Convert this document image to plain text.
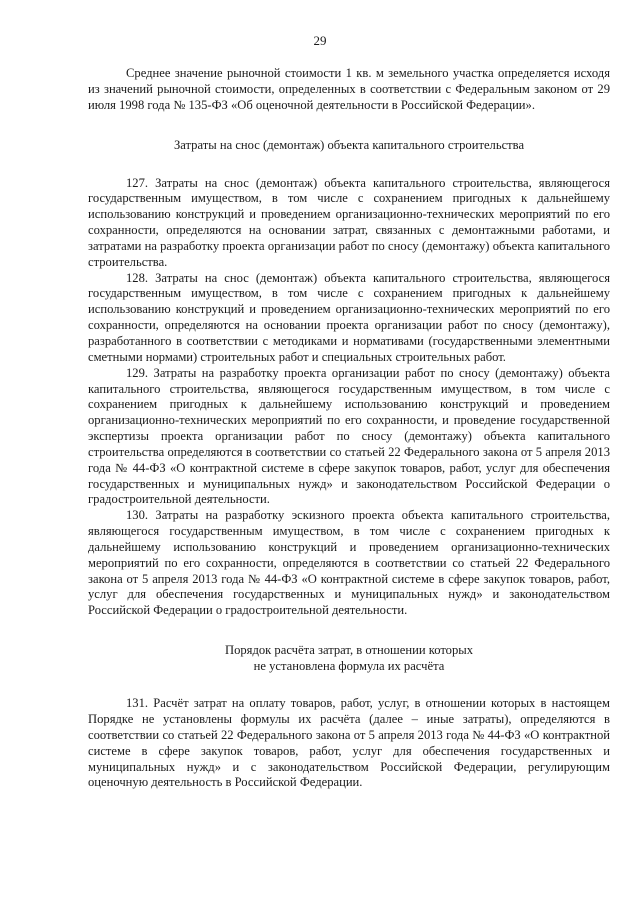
29

Среднее значение рыночной стоимости 1 кв. м земельного участка определяется исходя из значений рыночной стоимости, определенных в соответствии с Федеральным законом от 29 июля 1998 года № 135-ФЗ «Об оценочной деятельности в Российской Федерации».

Затраты на снос (демонтаж) объекта капитального строительства

127. Затраты на снос (демонтаж) объекта капитального строительства, являющегося государственным имуществом, в том числе с сохранением пригодных к дальнейшему использованию конструкций и проведением организационно-технических мероприятий по его сохранности, определяются на основании затрат, связанных с демонтажными работами, и затратами на разработку проекта организации работ по сносу (демонтажу) объекта капитального строительства.

128. Затраты на снос (демонтаж) объекта капитального строительства, являющегося государственным имуществом, в том числе с сохранением пригодных к дальнейшему использованию конструкций и проведением организационно-технических мероприятий по его сохранности, определяются на основании проекта организации работ по сносу (демонтажу), разработанного в соответствии с методиками и нормативами (государственными элементными сметными нормами) строительных работ и специальных строительных работ.

129. Затраты на разработку проекта организации работ по сносу (демонтажу) объекта капитального строительства, являющегося государственным имуществом, в том числе с сохранением пригодных к дальнейшему использованию конструкций и проведением организационно-технических мероприятий по его сохранности, и проведение государственной экспертизы проекта организации работ по сносу (демонтажу) объекта капитального строительства определяются в соответствии со статьей 22 Федерального закона от 5 апреля 2013 года № 44-ФЗ «О контрактной системе в сфере закупок товаров, работ, услуг для обеспечения государственных и муниципальных нужд» и законодательством Российской Федерации о градостроительной деятельности.

130. Затраты на разработку эскизного проекта объекта капитального строительства, являющегося государственным имуществом, в том числе с сохранением пригодных к дальнейшему использованию конструкций и проведением организационно-технических мероприятий по его сохранности, определяются в соответствии со статьей 22 Федерального закона от 5 апреля 2013 года № 44-ФЗ «О контрактной системе в сфере закупок товаров, работ, услуг для обеспечения государственных и муниципальных нужд» и законодательством Российской Федерации о градостроительной деятельности.

Порядок расчёта затрат, в отношении которых
не установлена формула их расчёта

131. Расчёт затрат на оплату товаров, работ, услуг, в отношении которых в настоящем Порядке не установлены формулы их расчёта (далее – иные затраты), определяются в соответствии со статьей 22 Федерального закона от 5 апреля 2013 года № 44-ФЗ «О контрактной системе в сфере закупок товаров, работ, услуг для обеспечения государственных и муниципальных нужд» и с законодательством Российской Федерации, регулирующим оценочную деятельность в Российской Федерации.
